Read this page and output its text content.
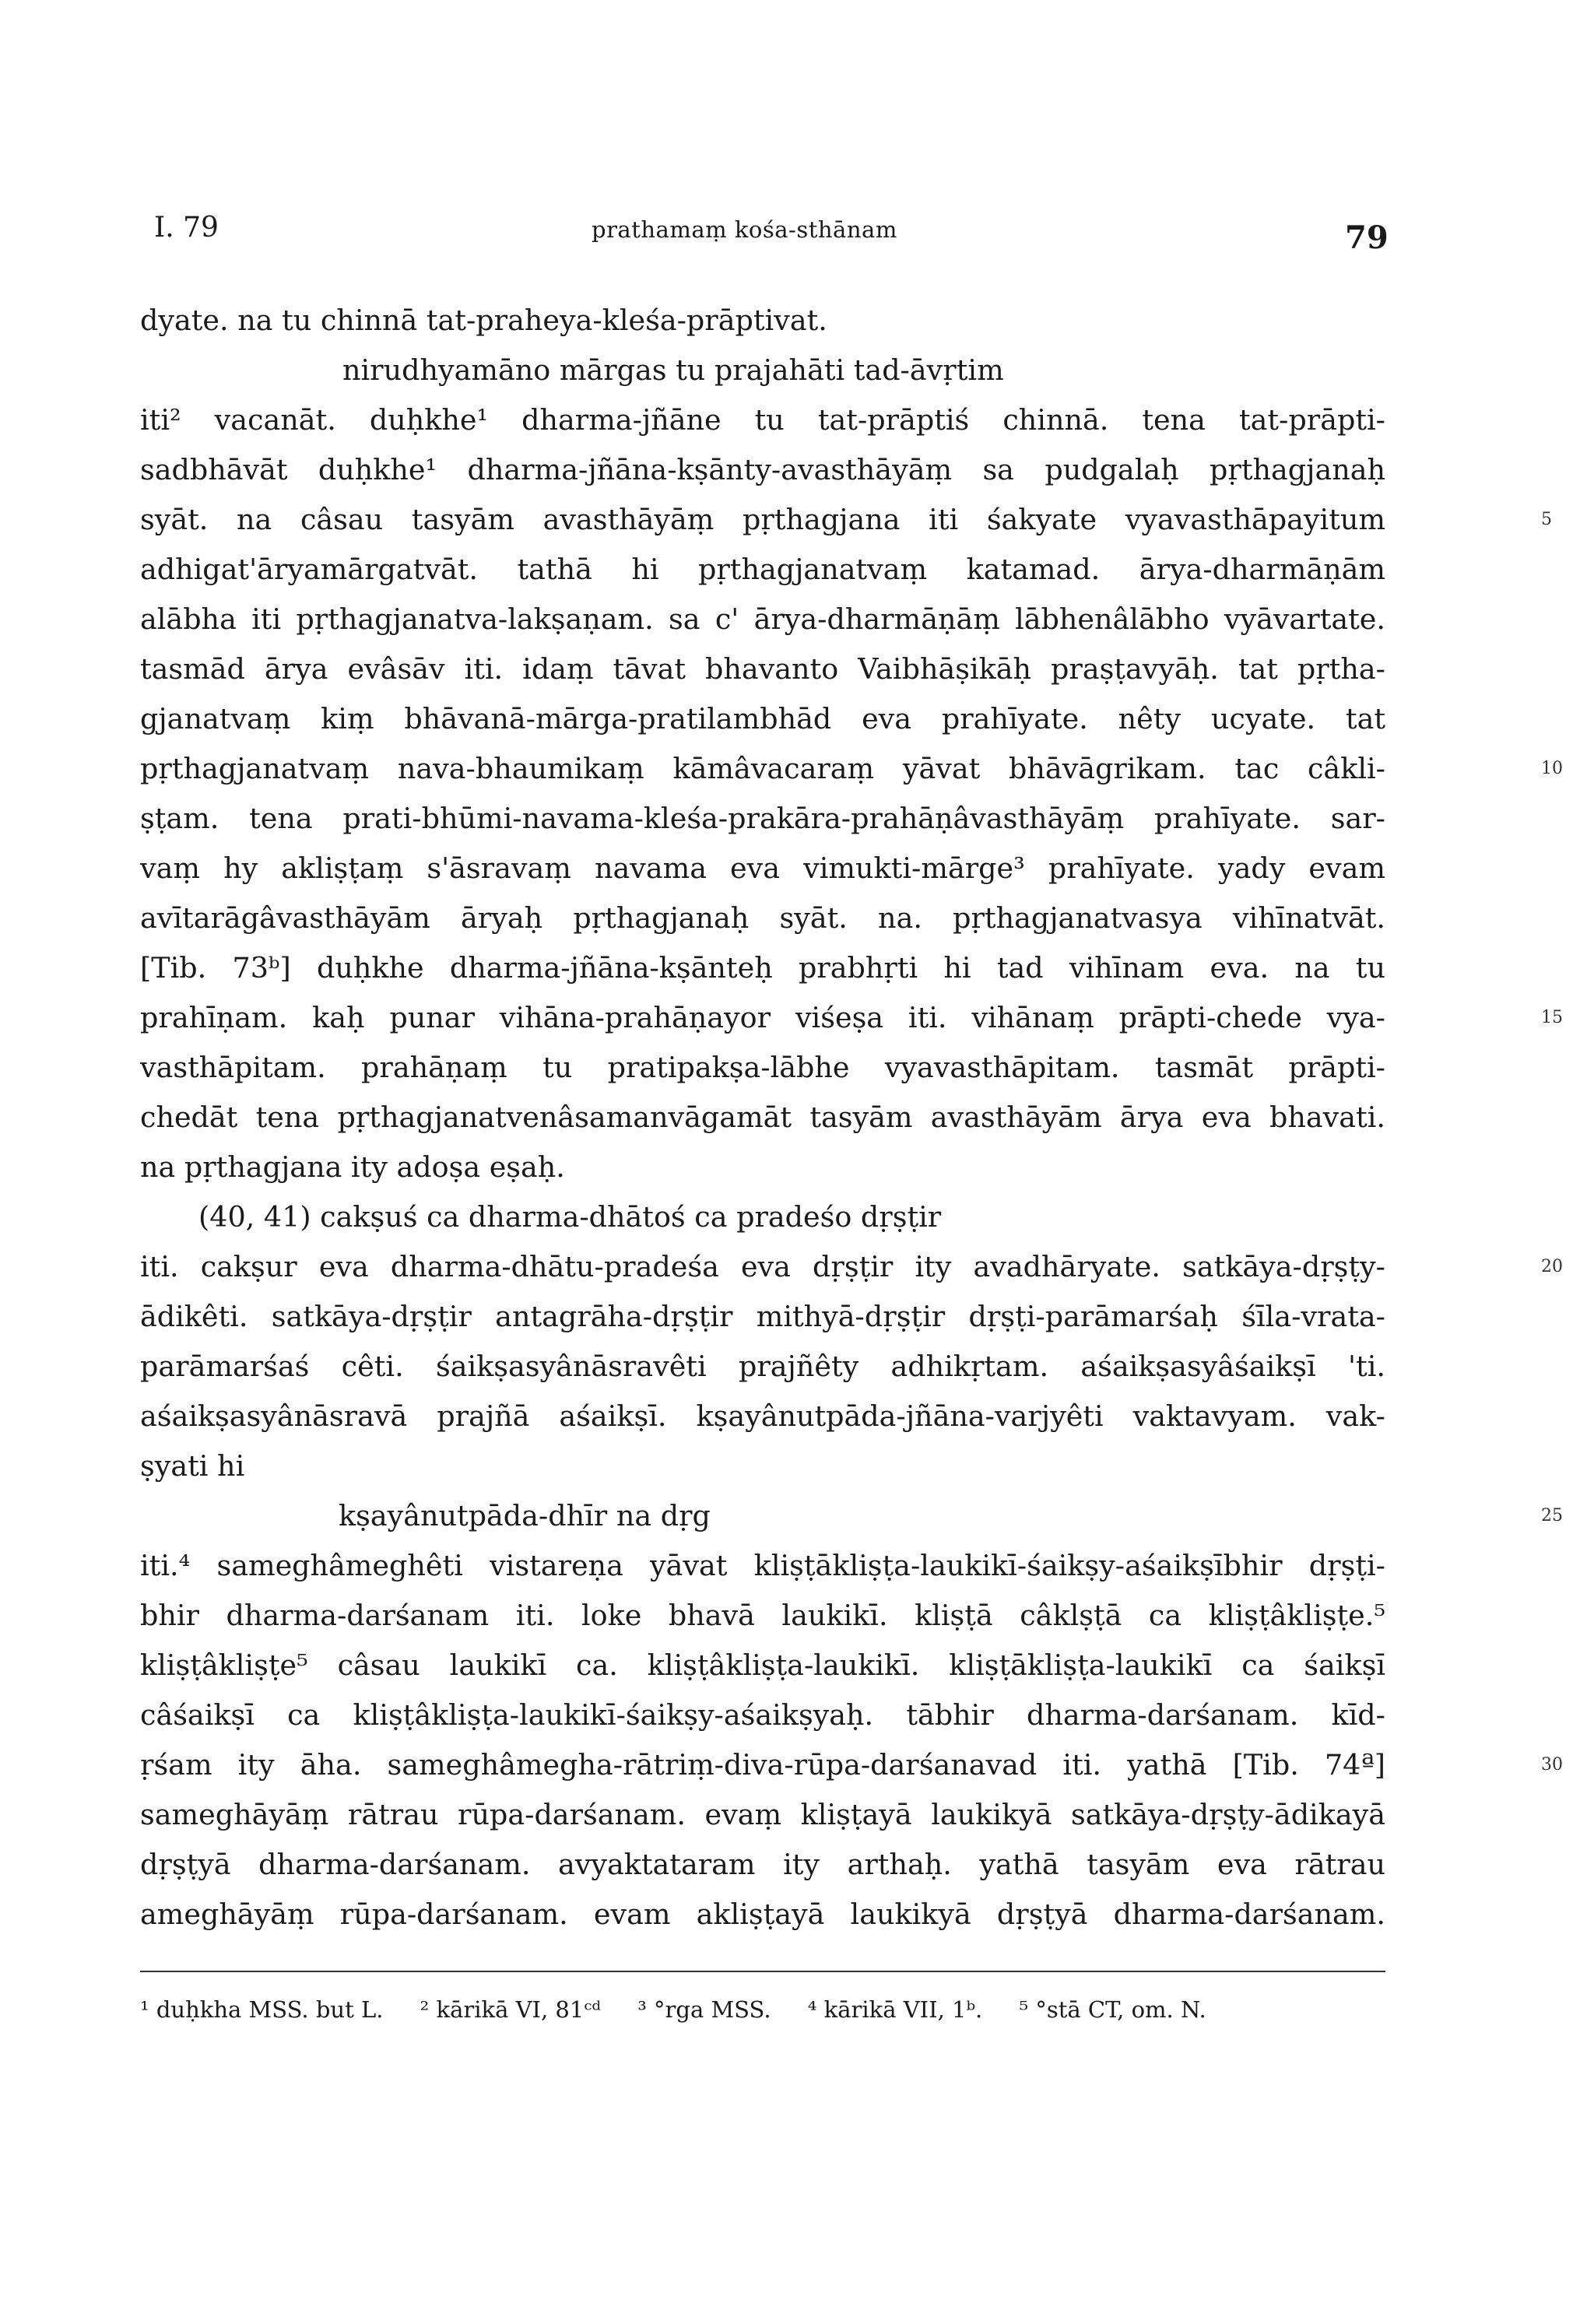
I. 79	prathamaṃ kośa-sthānam	79
dyate. na tu chinnā tat-praheya-kleśa-prāptivat.
nirudhyamāno mārgas tu prajahāti tad-āvṛtim
iti² vacanāt. duḥkhe¹ dharma-jñāne tu tat-prāptiś chinnā. tena tat-prāpti-
sadbhāvāt duḥkhe¹ dharma-jñāna-kṣānty-avasthāyāṃ sa pudgalaḥ pṛthagjanaḥ
syāt. na câsau tasyām avasthāyāṃ pṛthagjana iti śakyate vyavasthāpayitum	5
adhigat'āryamārgatvāt. tathā hi pṛthagjanatvaṃ katamad. ārya-dharmāṇām
alābha iti pṛthagjanatva-lakṣaṇam. sa c' ārya-dharmāṇāṃ lābhenâlābho vyāvartate.
tasmād ārya evâsāv iti. idaṃ tāvat bhavanto Vaibhāṣikāḥ praṣṭavyāḥ. tat pṛtha-
gjanatvaṃ kiṃ bhāvanā-mārga-pratilambhād eva prahīyate. nêty ucyate. tat
pṛthagjanatvaṃ nava-bhaumikaṃ kāmâvacaraṃ yāvat bhāvāgrikam. tac câkli-	10
ṣṭam. tena prati-bhūmi-navama-kleśa-prakāra-prahāṇâvasthāyāṃ prahīyate. sar-
vaṃ hy akliṣṭaṃ s'āsravaṃ navama eva vimukti-mārge³ prahīyate. yady evam
avītarāgâvasthāyām āryaḥ pṛthagjanaḥ syāt. na. pṛthagjanatvasya vihīnatvāt.
[Tib. 73ᵇ] duḥkhe dharma-jñāna-kṣānteḥ prabhṛti hi tad vihīnam eva. na tu
prahīṇam. kaḥ punar vihāna-prahāṇayor viśeṣa iti. vihānaṃ prāpti-chede vya-	15
vasthāpitam. prahāṇaṃ tu pratipakṣa-lābhe vyavasthāpitam. tasmāt prāpti-
chedāt tena pṛthagjanatvenâsamanvāgamāt tasyām avasthāyām ārya eva bhavati.
na pṛthagjana ity adoṣa eṣaḥ.
(40, 41) cakṣuś ca dharma-dhātoś ca pradeśo dṛṣṭir
iti. cakṣur eva dharma-dhātu-pradeśa eva dṛṣṭir ity avadhāryate. satkāya-dṛṣṭy-	20
ādikêti. satkāya-dṛṣṭir antagrāha-dṛṣṭir mithyā-dṛṣṭir dṛṣṭi-parāmarśaḥ śīla-vrata-
parāmarśaś cêti. śaikṣasyânāsravêti prajñêty adhikṛtam. aśaikṣasyâśaikṣī 'ti.
aśaikṣasyânāsravā prajñā aśaikṣī. kṣayânutpāda-jñāna-varjyêti vaktavyam. vak-
ṣyati hi
kṣayânutpāda-dhīr na dṛg	25
iti.⁴ sameghâmeghêti vistareṇa yāvat kliṣṭākliṣṭa-laukikī-śaikṣy-aśaikṣībhir dṛṣṭi-
bhir dharma-darśanam iti. loke bhavā laukikī. kliṣṭā câklṣṭā ca kliṣṭâkliṣṭe.⁵
kliṣṭâkliṣṭe⁵ câsau laukikī ca. kliṣṭâkliṣṭa-laukikī. kliṣṭākliṣṭa-laukikī ca śaikṣī
câśaikṣī ca kliṣṭâkliṣṭa-laukikī-śaikṣy-aśaikṣyaḥ. tābhir dharma-darśanam. kīd-
ṛśam ity āha. sameghâmegha-rātriṃ-diva-rūpa-darśanavad iti. yathā [Tib. 74ª]	30
sameghāyāṃ rātrau rūpa-darśanam. evaṃ kliṣṭayā laukikyā satkāya-dṛṣṭy-ādikayā
dṛṣṭyā dharma-darśanam. avyaktataram ity arthaḥ. yathā tasyām eva rātrau
ameghāyāṃ rūpa-darśanam. evam akliṣṭayā laukikyā dṛṣṭyā dharma-darśanam.
¹ duḥkha MSS. but L. ² kārikā VI, 81ᶜᵈ ³ °rga MSS. ⁴ kārikā VII, 1ᵇ. ⁵ °stā CT, om. N.
